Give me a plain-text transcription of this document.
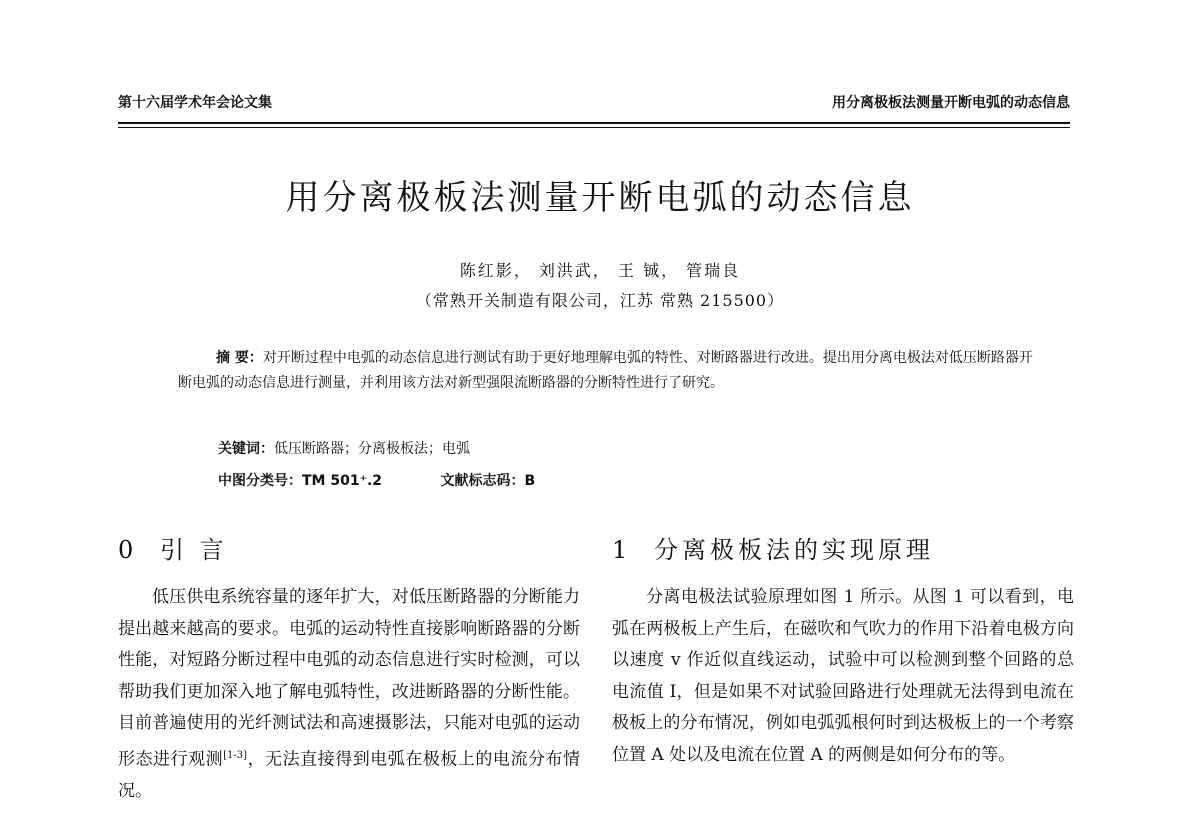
第十六届学术年会论文集	用分离极板法测量开断电弧的动态信息
用分离极板法测量开断电弧的动态信息
陈红影， 刘洪武， 王 铖， 管瑞良
（常熟开关制造有限公司，江苏 常熟 215500）

摘 要：对开断过程中电弧的动态信息进行测试有助于更好地理解电弧的特性、对断路器进行改进。提出用分离电极法对低压断路器开断电弧的动态信息进行测量，并利用该方法对新型强限流断路器的分断特性进行了研究。

关键词：低压断路器；分离极板法；电弧
中图分类号：TM 501⁺.2	文献标志码：B
0 引 言
低压供电系统容量的逐年扩大，对低压断路器的分断能力提出越来越高的要求。电弧的运动特性直接影响断路器的分断性能，对短路分断过程中电弧的动态信息进行实时检测，可以帮助我们更加深入地了解电弧特性，改进断路器的分断性能。目前普遍使用的光纤测试法和高速摄影法，只能对电弧的运动形态进行观测[1-3]，无法直接得到电弧在极板上的电流分布情况。
1 分离极板法的实现原理
分离电极法试验原理如图 1 所示。从图 1 可以看到，电弧在两极板上产生后，在磁吹和气吹力的作用下沿着电极方向以速度 v 作近似直线运动，试验中可以检测到整个回路的总电流值 I，但是如果不对试验回路进行处理就无法得到电流在极板上的分布情况，例如电弧弧根何时到达极板上的一个考察位置 A 处以及电流在位置 A 的两侧是如何分布的等。
